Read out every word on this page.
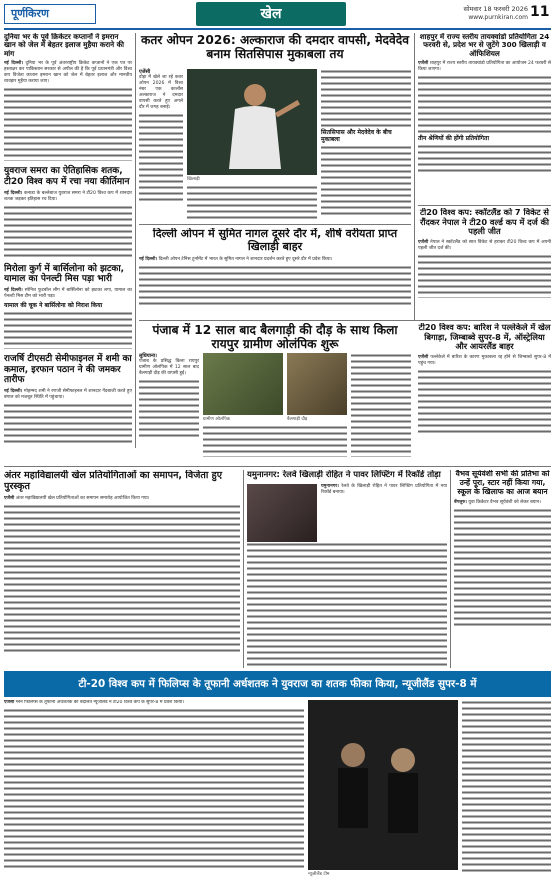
पूर्णकिरण	खेल	सोमवार 18 फरवरी 2026
www.purnkiran.com 11
दुनिया भर के पूर्व क्रिकेटर कप्तानों ने इमरान खान को जेल में बेहतर इलाज मुहैया कराने की मांग
नई दिल्ली। दुनिया भर के पूर्व अंतरराष्ट्रीय क्रिकेट कप्तानों ने एक पत्र पर हस्ताक्षर कर पाकिस्तान सरकार से अपील की है कि पूर्व प्रधानमंत्री और विश्व कप विजेता कप्तान इमरान खान को जेल में बेहतर इलाज और मानवीय व्यवहार मुहैया कराया जाए।
युवराज समरा का ऐतिहासिक शतक, टी20 विश्व कप में रचा नया कीर्तिमान
नई दिल्ली। कनाडा के बल्लेबाज युवराज समरा ने टी20 विश्व कप में शानदार शतक जड़कर इतिहास रच दिया।
मिरोला कुर्ग में बार्सिलोना को झटका, यामाल का पेनल्टी मिस पड़ा भारी
नई दिल्ली। स्पेनिश फुटबॉल लीग में बार्सिलोना को झटका लगा, यामाल का पेनल्टी मिस टीम को भारी पड़ा।
यामाल की चूक ने बार्सिलोना को निराश किया
राजर्षि टीएसटी सेमीफाइनल में शमी का कमाल, इरफान पठान ने की जमकर तारीफ
नई दिल्ली। मोहम्मद शमी ने रणजी सेमीफाइनल में शानदार गेंदबाजी करते हुए बंगाल को मजबूत स्थिति में पहुंचाया।
कतर ओपन 2026: अल्काराज की दमदार वापसी, मेदवेदेव बनाम सितसिपास मुकाबला तय
एजेंसी
दोहा में खेले जा रहे कतर ओपन 2026 में विश्व नंबर एक कार्लोस अल्काराज ने दमदार वापसी करते हुए अगले दौर में जगह बनाई।
खिलाड़ी
सितसिपास और मेदवेदेव के बीच मुकाबला
दिल्ली ओपन में सुमित नागल दूसरे दौर में, शीर्ष वरीयता प्राप्त खिलाड़ी बाहर
नई दिल्ली। दिल्ली ओपन टेनिस टूर्नामेंट में भारत के सुमित नागल ने शानदार प्रदर्शन करते हुए दूसरे दौर में प्रवेश किया।
पंजाब में 12 साल बाद बैलगाड़ी की दौड़ के साथ किला रायपुर ग्रामीण ओलंपिक शुरू
लुधियाना।
पंजाब के प्रसिद्ध किला रायपुर ग्रामीण ओलंपिक में 12 साल बाद बैलगाड़ी दौड़ की वापसी हुई।
ग्रामीण ओलंपिक	बैलगाड़ी दौड़
शाहपुर में राज्य स्तरीय तायक्वांडो प्रतियोगिता 24 फरवरी से, प्रदेश भर से जुटेंगे 300 खिलाड़ी व ऑफिशियल
एजेंसी शाहपुर में राज्य स्तरीय तायक्वांडो प्रतियोगिता का आयोजन 24 फरवरी से किया जाएगा।
तीन श्रेणियों की होंगी प्रतियोगिता
टी20 विश्व कप: स्कॉटलैंड को 7 विकेट से रौंदकर नेपाल ने टी20 वर्ल्ड कप में दर्ज की पहली जीत
एजेंसी नेपाल ने स्कॉटलैंड को सात विकेट से हराकर टी20 विश्व कप में अपनी पहली जीत दर्ज की।
टी20 विश्व कप: बारिश ने पल्लेकेले में खेल बिगाड़ा, जिम्बाब्वे सुपर-8 में, ऑस्ट्रेलिया और आयरलैंड बाहर
एजेंसी पल्लेकेले में बारिश के कारण मुकाबला रद्द होने से जिम्बाब्वे सुपर-8 में पहुंच गया।
अंतर महाविद्यालयी खेल प्रतियोगिताओं का समापन, विजेता हुए पुरस्कृत
एजेंसी अंतर महाविद्यालयी खेल प्रतियोगिताओं का समापन समारोह आयोजित किया गया।
यमुनानगर: रेलवे खिलाड़ी रोहित ने पावर लिफ्टिंग में रिकॉर्ड तोड़ा
यमुनानगर। रेलवे के खिलाड़ी रोहित ने पावर लिफ्टिंग प्रतियोगिता में नया रिकॉर्ड बनाया।
वैभव सूर्यवंशी सभी की प्रतिभा को उन्हें पूरा, स्टार नहीं किया गया, स्कूल के खिलाफ का आज बयान
बेंगलुरु। युवा क्रिकेटर वैभव सूर्यवंशी को लेकर बयान।
टी-20 विश्व कप में फिलिप्स के तूफानी अर्धशतक ने युवराज का शतक फीका किया, न्यूजीलैंड सुपर-8 में
एजेंसी ग्लेन फिलिप्स के तूफानी अर्धशतक की बदौलत न्यूजीलैंड ने टी20 विश्व कप के सुपर-8 में प्रवेश किया।
न्यूजीलैंड टीम
